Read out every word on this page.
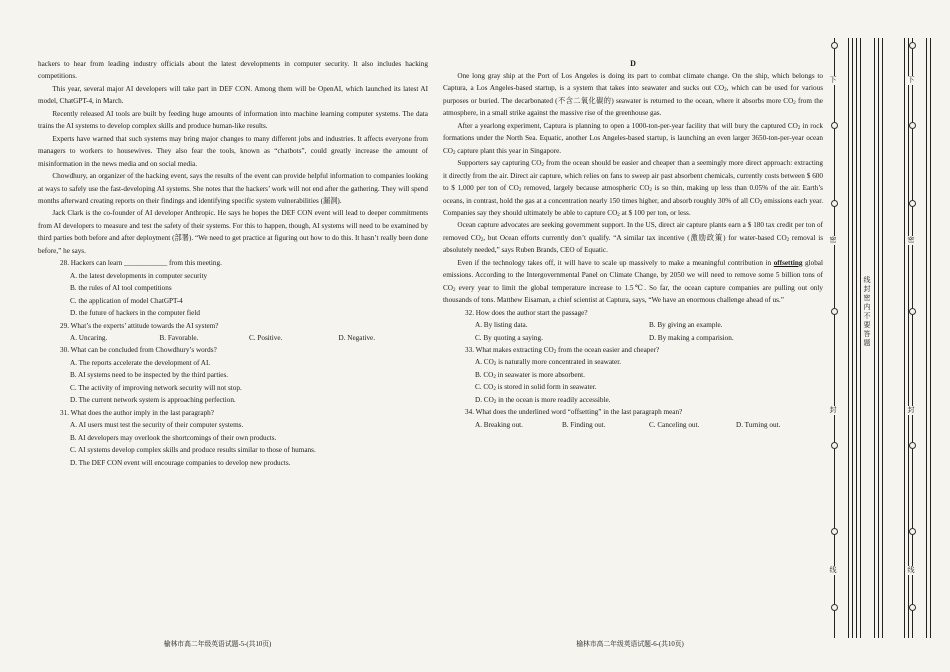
hackers to hear from leading industry officials about the latest developments in computer security. It also includes hacking competitions.

This year, several major AI developers will take part in DEF CON. Among them will be OpenAI, which launched its latest AI model, ChatGPT-4, in March.

Recently released AI tools are built by feeding huge amounts of information into machine learning computer systems. The data trains the AI systems to develop complex skills and produce human-like results.

Experts have warned that such systems may bring major changes to many different jobs and industries. It affects everyone from managers to workers to housewives. They also fear the tools, known as “chatbots”, could greatly increase the amount of misinformation in the news media and on social media.

Chowdhury, an organizer of the hacking event, says the results of the event can provide helpful information to companies looking at ways to safely use the fast-developing AI systems. She notes that the hackers’ work will not end after the gathering. They will spend months afterward creating reports on their findings and identifying specific system vulnerabilities (漏洞).

Jack Clark is the co-founder of AI developer Anthropic. He says he hopes the DEF CON event will lead to deeper commitments from AI developers to measure and test the safety of their systems. For this to happen, though, AI systems will need to be examined by third parties both before and after deployment (部署). “We need to get practice at figuring out how to do this. It hasn’t really been done before,” he says.

28. Hackers can learn ____________ from this meeting.

A. the latest developments in computer security

B. the rules of AI tool competitions

C. the application of model ChatGPT-4

D. the future of hackers in the computer field

29. What’s the experts’ attitude towards the AI system?

A. Uncaring.	B. Favorable.	C. Positive.	D. Negative.

30. What can be concluded from Chowdhury’s words?

A. The reports accelerate the development of AI.

B. AI systems need to be inspected by the third parties.

C. The activity of improving network security will not stop.

D. The current network system is approaching perfection.

31. What does the author imply in the last paragraph?

A. AI users must test the security of their computer systems.

B. AI developers may overlook the shortcomings of their own products.

C. AI systems develop complex skills and produce results similar to those of humans.

D. The DEF CON event will encourage companies to develop new products.

榆林市高二年级英语试题-5-(共10页)

D

One long gray ship at the Port of Los Angeles is doing its part to combat climate change. On the ship, which belongs to Captura, a Los Angeles-based startup, is a system that takes into seawater and sucks out $CO_2$, which can be used for various purposes or buried. The decarbonated (不含二氧化碳的) seawater is returned to the ocean, where it absorbs more $CO_2$ from the atmosphere, in a small strike against the massive rise of the greenhouse gas.

After a yearlong experiment, Captura is planning to open a 1000-ton-per-year facility that will bury the captured $CO_2$ in rock formations under the North Sea. Equatic, another Los Angeles-based startup, is launching an even larger 3650-ton-per-year ocean $CO_2$ capture plant this year in Singapore.

Supporters say capturing $CO_2$ from the ocean should be easier and cheaper than a seemingly more direct approach: extracting it directly from the air. Direct air capture, which relies on fans to sweep air past absorbent chemicals, currently costs between $ 600 to $ 1,000 per ton of $CO_2$ removed, largely because atmospheric $CO_2$ is so thin, making up less than 0.05% of the air. Earth’s oceans, in contrast, hold the gas at a concentration nearly 150 times higher, and absorb roughly 30% of all $CO_2$ emissions each year. Companies say they should ultimately be able to capture $CO_2$ at $ 100 per ton, or less.

Ocean capture advocates are seeking government support. In the US, direct air capture plants earn a $ 180 tax credit per ton of removed $CO_2$, but Ocean efforts currently don’t qualify. “A similar tax incentive (激励政策) for water-based $CO_2$ removal is absolutely needed,” says Ruben Brands, CEO of Equatic.

Even if the technology takes off, it will have to scale up massively to make a meaningful contribution in offsetting global emissions. According to the Intergovernmental Panel on Climate Change, by 2050 we will need to remove some 5 billion tons of $CO_2$ every year to limit the global temperature increase to 1.5℃. So far, the ocean capture companies are pulling out only thousands of tons. Matthew Eisaman, a chief scientist at Captura, says, “We have an enormous challenge ahead of us.”

32. How does the author start the passage?

A. By listing data.	B. By giving an example.
C. By quoting a saying.	D. By making a comparision.

33. What makes extracting $CO_2$ from the ocean easier and cheaper?

A. $CO_2$ is naturally more concentrated in seawater.

B. $CO_2$ in seawater is more absorbent.

C. $CO_2$ is stored in solid form in seawater.

D. $CO_2$ in the ocean is more readily accessible.

34. What does the underlined word “offsetting” in the last paragraph mean?

A. Breaking out.	B. Finding out.	C. Canceling out.	D. Turning out.
榆林市高二年级英语试题-6-(共10页)
下
密
封
线
线封密内不要答题
下
密
封
线
